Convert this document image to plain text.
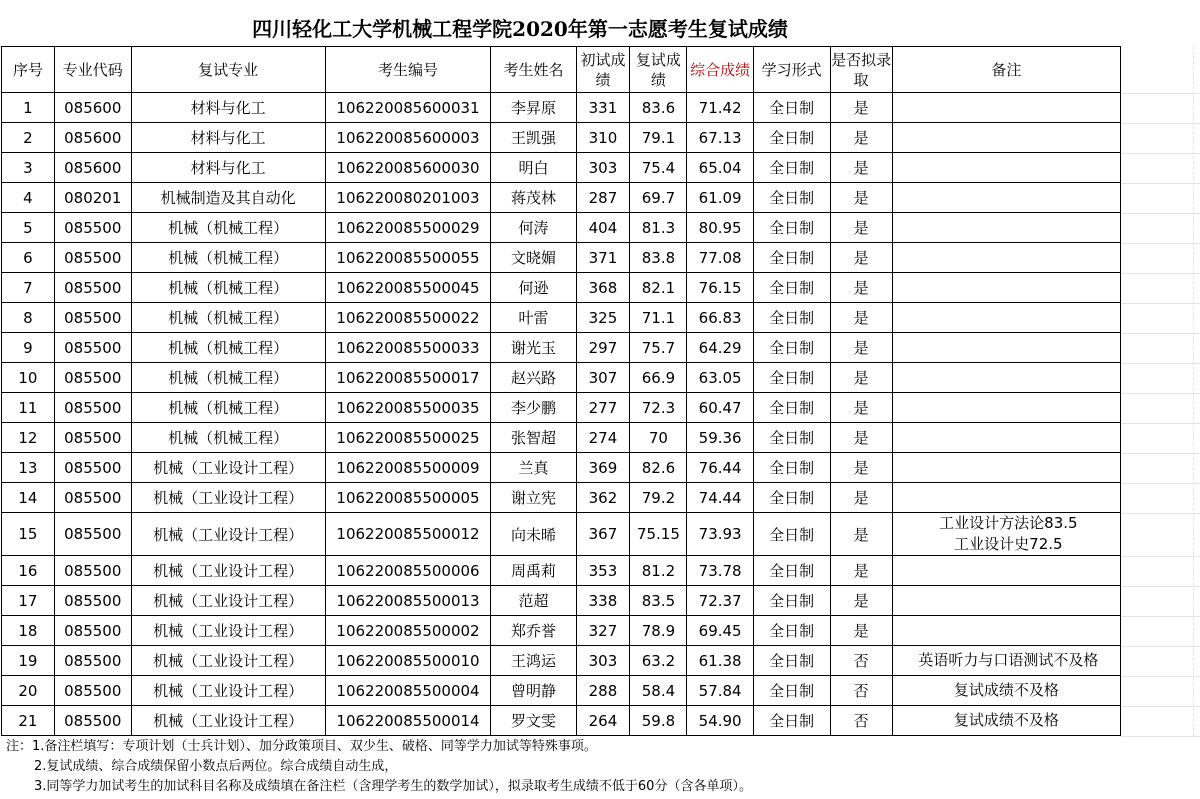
四川轻化工大学机械工程学院2020年第一志愿考生复试成绩
序号	专业代码	复试专业	考生编号	考生姓名	初试成绩	复试成绩	综合成绩	学习形式	是否拟录取	备注
1	085600	材料与化工	106220085600031	李昇原	331	83.6	71.42	全日制	是	

2	085600	材料与化工	106220085600003	王凯强	310	79.1	67.13	全日制	是	

3	085600	材料与化工	106220085600030	明白	303	75.4	65.04	全日制	是	

4	080201	机械制造及其自动化	106220080201003	蒋茂林	287	69.7	61.09	全日制	是	

5	085500	机械（机械工程）	106220085500029	何涛	404	81.3	80.95	全日制	是	

6	085500	机械（机械工程）	106220085500055	文晓媚	371	83.8	77.08	全日制	是	

7	085500	机械（机械工程）	106220085500045	何逊	368	82.1	76.15	全日制	是	

8	085500	机械（机械工程）	106220085500022	叶雷	325	71.1	66.83	全日制	是	

9	085500	机械（机械工程）	106220085500033	谢光玉	297	75.7	64.29	全日制	是	

10	085500	机械（机械工程）	106220085500017	赵兴路	307	66.9	63.05	全日制	是	

11	085500	机械（机械工程）	106220085500035	李少鹏	277	72.3	60.47	全日制	是	

12	085500	机械（机械工程）	106220085500025	张智超	274	70	59.36	全日制	是	

13	085500	机械（工业设计工程）	106220085500009	兰真	369	82.6	76.44	全日制	是	

14	085500	机械（工业设计工程）	106220085500005	谢立宪	362	79.2	74.44	全日制	是	

15	085500	机械（工业设计工程）	106220085500012	向未晞	367	75.15	73.93	全日制	是	工业设计方法论83.5
工业设计史72.5

16	085500	机械（工业设计工程）	106220085500006	周禹莉	353	81.2	73.78	全日制	是	

17	085500	机械（工业设计工程）	106220085500013	范超	338	83.5	72.37	全日制	是	

18	085500	机械（工业设计工程）	106220085500002	郑乔誉	327	78.9	69.45	全日制	是	

19	085500	机械（工业设计工程）	106220085500010	王鸿运	303	63.2	61.38	全日制	否	英语听力与口语测试不及格

20	085500	机械（工业设计工程）	106220085500004	曾明静	288	58.4	57.84	全日制	否	复试成绩不及格

21	085500	机械（工业设计工程）	106220085500014	罗文雯	264	59.8	54.90	全日制	否	复试成绩不及格
注：1.备注栏填写：专项计划（士兵计划）、加分政策项目、双少生、破格、同等学力加试等特殊事项。
2.复试成绩、综合成绩保留小数点后两位。综合成绩自动生成，
3.同等学力加试考生的加试科目名称及成绩填在备注栏（含理学考生的数学加试），拟录取考生成绩不低于60分（含各单项）。
